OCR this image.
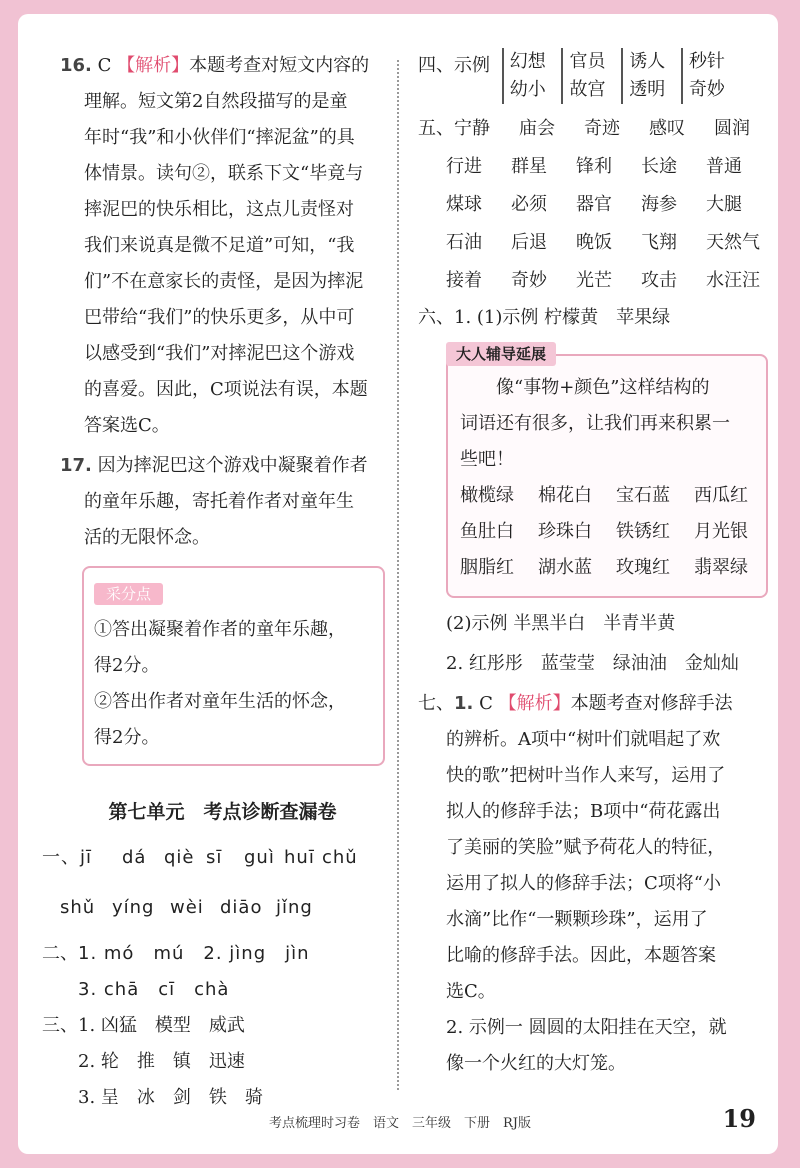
16. C 【解析】本题考查对短文内容的
理解。短文第2自然段描写的是童
年时“我”和小伙伴们“摔泥盆”的具
体情景。读句②，联系下文“毕竟与
摔泥巴的快乐相比，这点儿责怪对
我们来说真是微不足道”可知，“我
们”不在意家长的责怪，是因为摔泥
巴带给“我们”的快乐更多，从中可
以感受到“我们”对摔泥巴这个游戏
的喜爱。因此，C项说法有误，本题
答案选C。
17. 因为摔泥巴这个游戏中凝聚着作者
的童年乐趣，寄托着作者对童年生
活的无限怀念。
采分点
①答出凝聚着作者的童年乐趣，
得2分。
②答出作者对童年生活的怀念，
得2分。
第七单元　考点诊断查漏卷
一、jī dá qiè sī guì huī chǔ
shǔ yíng wèi diāo jǐng
二、1. mó　mú　2. jìng　jìn
3. chā　cī　chà
三、1. 凶猛　模型　威武
2. 轮　推　镇　迅速
3. 呈　冰　剑　铁　骑
四、示例 幻想
幼小

官员
故宫

诱人
透明

秒针
奇妙
五、宁静 庙会 奇迹 感叹 圆润
行进 群星 锋利 长途 普通
煤球 必须 器官 海参 大腿
石油 后退 晚饭 飞翔 天然气
接着 奇妙 光芒 攻击 水汪汪
六、1. (1)示例 柠檬黄　苹果绿
大人辅导延展
像“事物+颜色”这样结构的
词语还有很多，让我们再来积累一
些吧！
橄榄绿 棉花白 宝石蓝 西瓜红
鱼肚白 珍珠白 铁锈红 月光银
胭脂红 湖水蓝 玫瑰红 翡翠绿
(2)示例 半黑半白　半青半黄
2. 红彤彤　蓝莹莹　绿油油　金灿灿
七、1. C 【解析】本题考查对修辞手法
的辨析。A项中“树叶们就唱起了欢
快的歌”把树叶当作人来写，运用了
拟人的修辞手法；B项中“荷花露出
了美丽的笑脸”赋予荷花人的特征，
运用了拟人的修辞手法；C项将“小
水滴”比作“一颗颗珍珠”，运用了
比喻的修辞手法。因此，本题答案
选C。
2. 示例一 圆圆的太阳挂在天空，就
像一个火红的大灯笼。
考点梳理时习卷　语文　三年级　下册　RJ版	19
